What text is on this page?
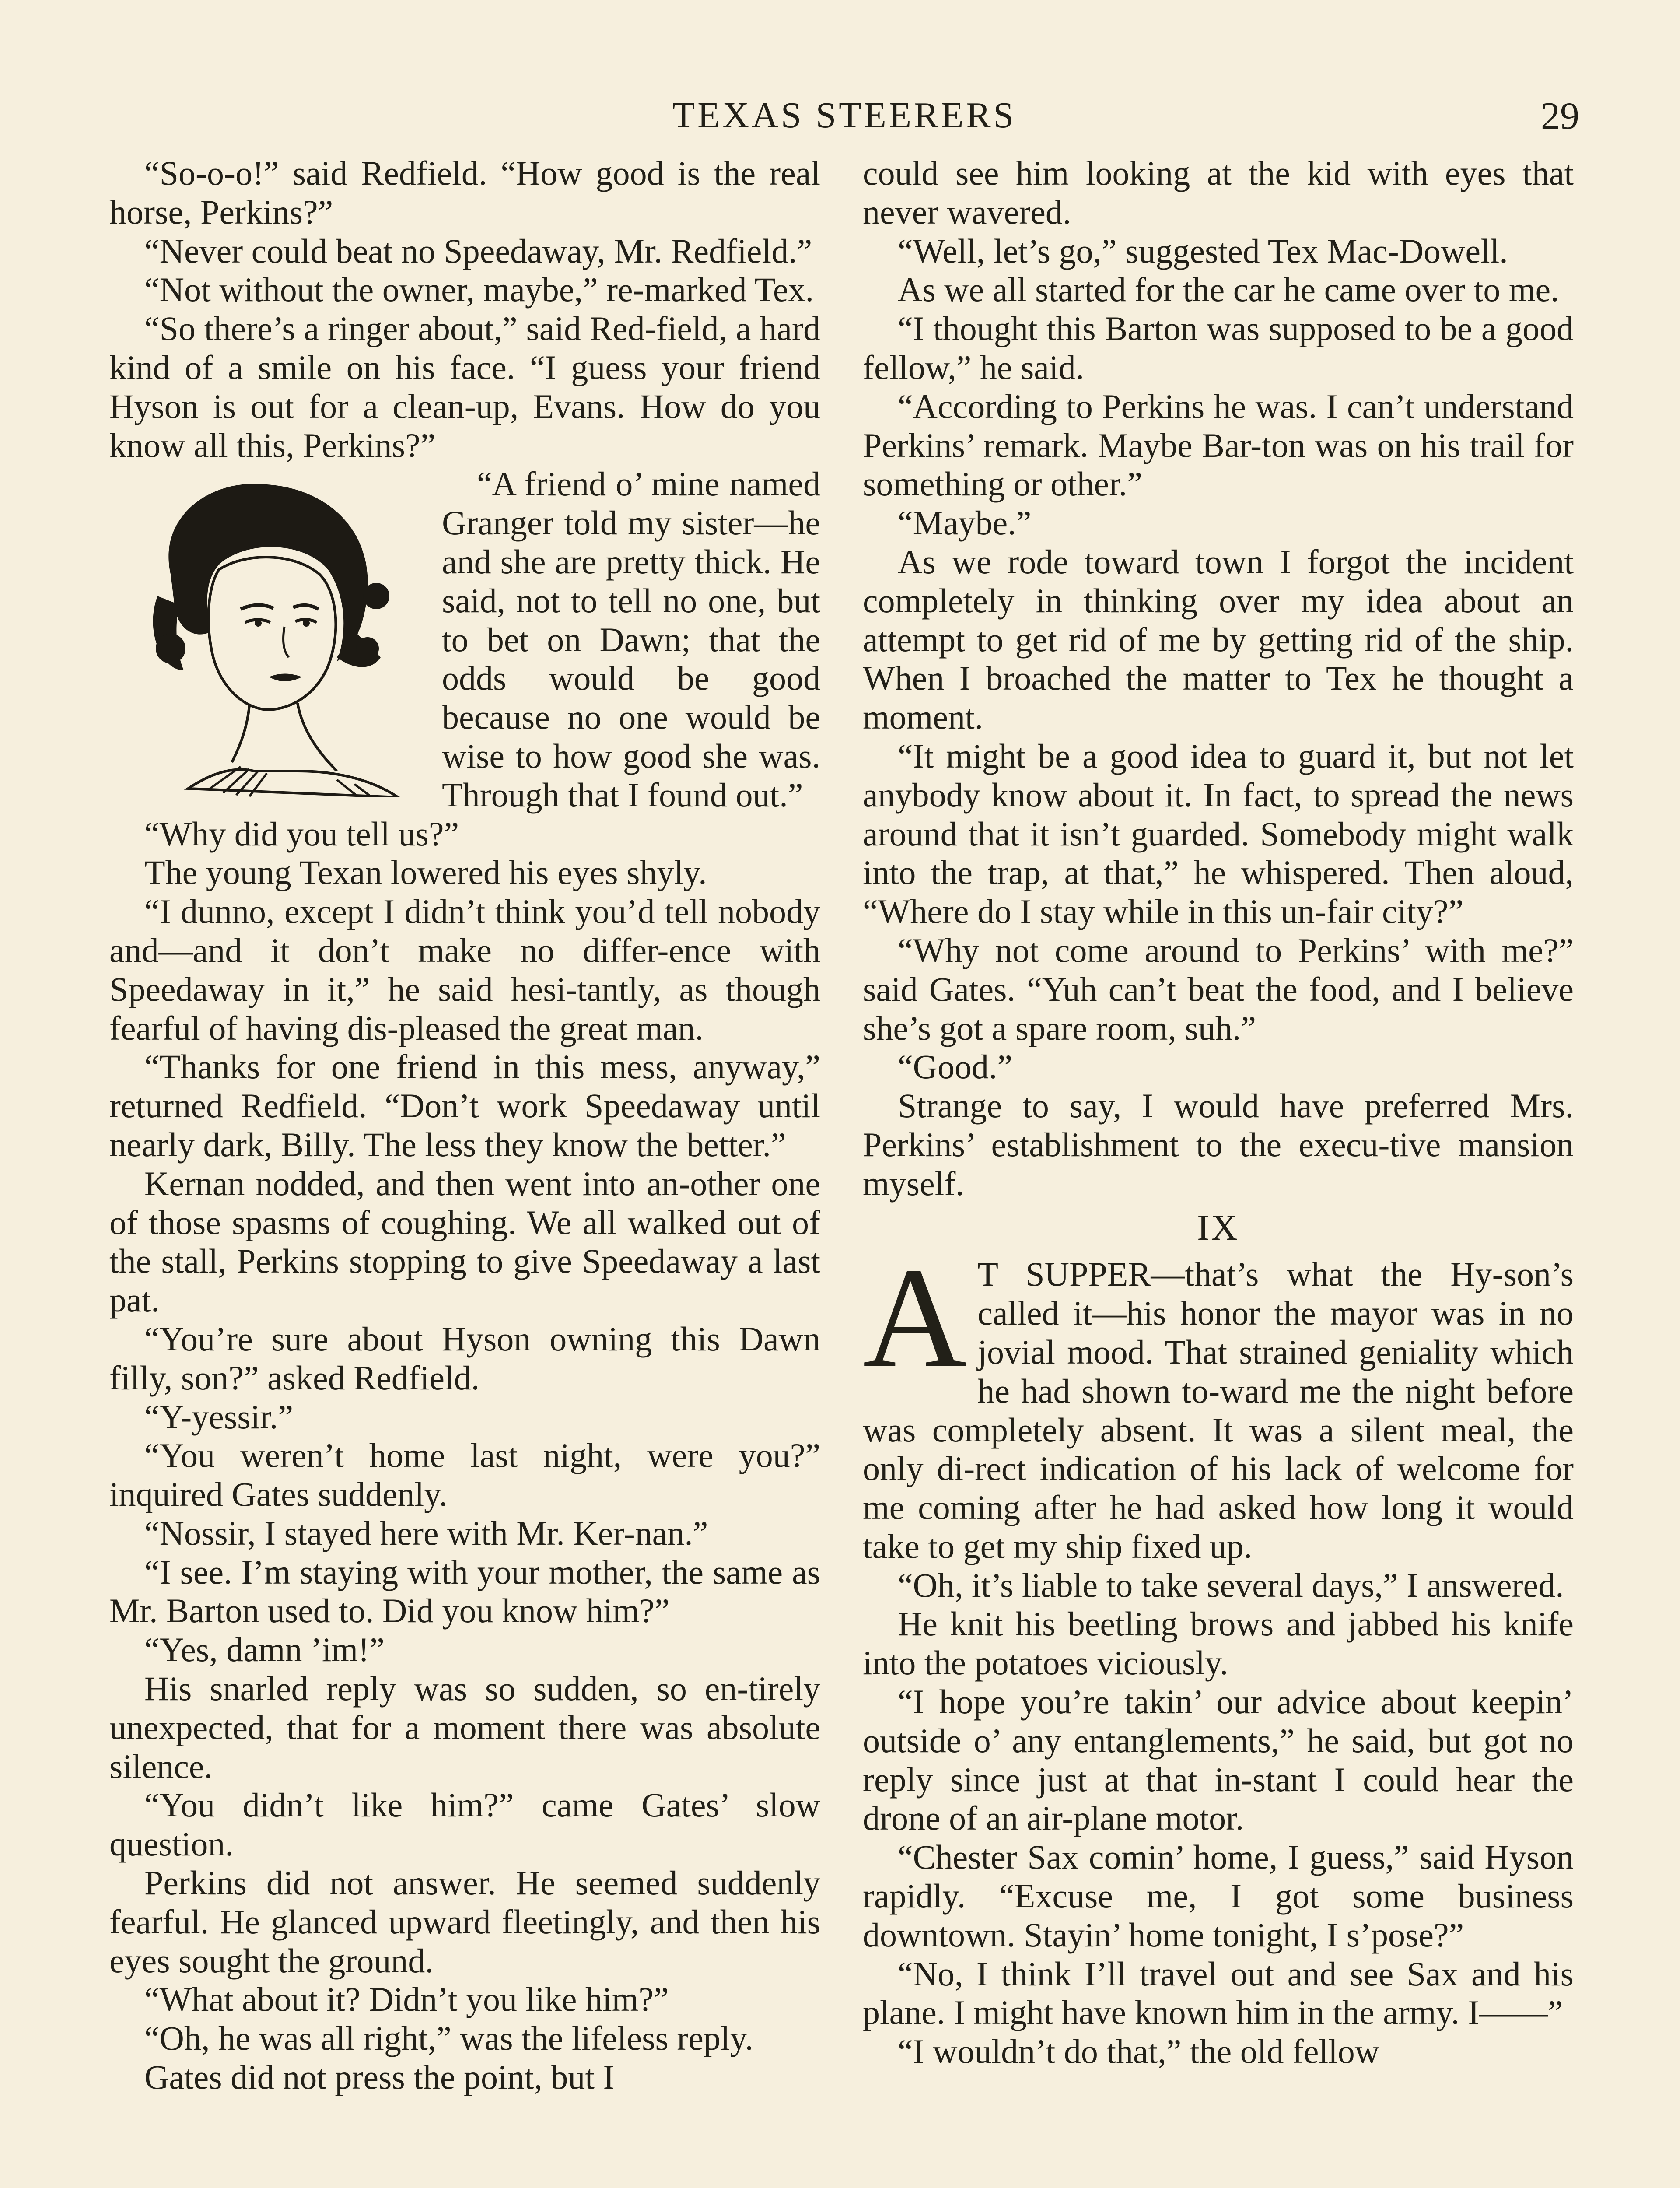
TEXAS STEERERS	29

“So-o-o!” said Redfield. “How good is the real horse, Perkins?”

“Never could beat no Speedaway, Mr. Redfield.”

“Not without the owner, maybe,” re-marked Tex.

“So there’s a ringer about,” said Red-field, a hard kind of a smile on his face. “I guess your friend Hyson is out for a clean-up, Evans. How do you know all this, Perkins?”

“A friend o’ mine named Granger told my sister—he and she are pretty thick. He said, not to tell no one, but to bet on Dawn; that the odds would be good because no one would be wise to how good she was. Through that I found out.”

“Why did you tell us?”

The young Texan lowered his eyes shyly.

“I dunno, except I didn’t think you’d tell nobody and—and it don’t make no differ-ence with Speedaway in it,” he said hesi-tantly, as though fearful of having dis-pleased the great man.

“Thanks for one friend in this mess, anyway,” returned Redfield. “Don’t work Speedaway until nearly dark, Billy. The less they know the better.”

Kernan nodded, and then went into an-other one of those spasms of coughing. We all walked out of the stall, Perkins stopping to give Speedaway a last pat.

“You’re sure about Hyson owning this Dawn filly, son?” asked Redfield.

“Y-yessir.”

“You weren’t home last night, were you?” inquired Gates suddenly.

“Nossir, I stayed here with Mr. Ker-nan.”

“I see. I’m staying with your mother, the same as Mr. Barton used to. Did you know him?”

“Yes, damn ’im!”

His snarled reply was so sudden, so en-tirely unexpected, that for a moment there was absolute silence.

“You didn’t like him?” came Gates’ slow question.

Perkins did not answer. He seemed suddenly fearful. He glanced upward fleetingly, and then his eyes sought the ground.

“What about it? Didn’t you like him?”

“Oh, he was all right,” was the lifeless reply.

Gates did not press the point, but I

could see him looking at the kid with eyes that never wavered.

“Well, let’s go,” suggested Tex Mac-Dowell.

As we all started for the car he came over to me.

“I thought this Barton was supposed to be a good fellow,” he said.

“According to Perkins he was. I can’t understand Perkins’ remark. Maybe Bar-ton was on his trail for something or other.”

“Maybe.”

As we rode toward town I forgot the incident completely in thinking over my idea about an attempt to get rid of me by getting rid of the ship. When I broached the matter to Tex he thought a moment.

“It might be a good idea to guard it, but not let anybody know about it. In fact, to spread the news around that it isn’t guarded. Somebody might walk into the trap, at that,” he whispered. Then aloud, “Where do I stay while in this un-fair city?”

“Why not come around to Perkins’ with me?” said Gates. “Yuh can’t beat the food, and I believe she’s got a spare room, suh.”

“Good.”

Strange to say, I would have preferred Mrs. Perkins’ establishment to the execu-tive mansion myself.

IX

A T SUPPER—that’s what the Hy-son’s called it—his honor the mayor was in no jovial mood. That strained geniality which he had shown to-ward me the night before was completely absent. It was a silent meal, the only di-rect indication of his lack of welcome for me coming after he had asked how long it would take to get my ship fixed up.

“Oh, it’s liable to take several days,” I answered.

He knit his beetling brows and jabbed his knife into the potatoes viciously.

“I hope you’re takin’ our advice about keepin’ outside o’ any entanglements,” he said, but got no reply since just at that in-stant I could hear the drone of an air-plane motor.

“Chester Sax comin’ home, I guess,” said Hyson rapidly. “Excuse me, I got some business downtown. Stayin’ home tonight, I s’pose?”

“No, I think I’ll travel out and see Sax and his plane. I might have known him in the army. I——”

“I wouldn’t do that,” the old fellow
